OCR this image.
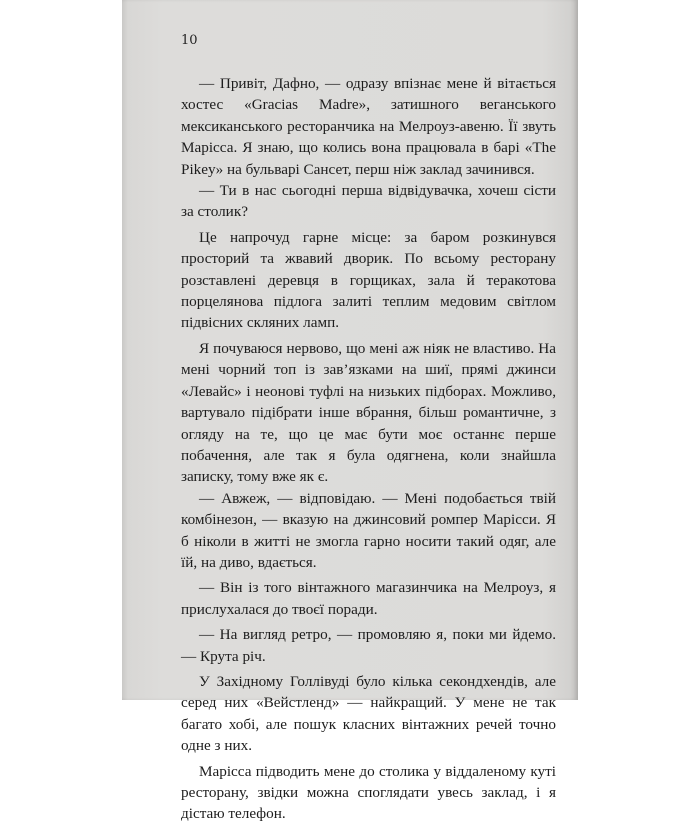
10

— Привіт, Дафно, — одразу впізнає мене й вітається хостес «Gracias Madre», затишного веганського мексиканського ресторанчика на Мелроуз-авеню. Її звуть Марісса. Я знаю, що колись вона працювала в барі «The Pikey» на бульварі Сансет, перш ніж заклад зачинився.

— Ти в нас сьогодні перша відвідувачка, хочеш сісти за столик?

Це напрочуд гарне місце: за баром розкинувся просторий та жвавий дворик. По всьому ресторану розставлені деревця в горщиках, зала й теракотова порцелянова підлога залиті теплим медовим світлом підвісних скляних ламп.

Я почуваюся нервово, що мені аж ніяк не властиво. На мені чорний топ із зав’язками на шиї, прямі джинси «Левайс» і неонові туфлі на низьких підборах. Можливо, вартувало підібрати інше вбрання, більш романтичне, з огляду на те, що це має бути моє останнє перше побачення, але так я була одягнена, коли знайшла записку, тому вже як є.

— Авжеж, — відповідаю. — Мені подобається твій комбінезон, — вказую на джинсовий ромпер Марісси. Я б ніколи в житті не змогла гарно носити такий одяг, але їй, на диво, вдається.

— Він із того вінтажного магазинчика на Мелроуз, я прислухалася до твоєї поради.

— На вигляд ретро, — промовляю я, поки ми йдемо. — Крута річ.

У Західному Голлівуді було кілька секондхендів, але серед них «Вейстленд» — найкращий. У мене не так багато хобі, але пошук класних вінтажних речей точно одне з них.

Марісса підводить мене до столика у віддаленому куті ресторану, звідки можна споглядати увесь заклад, і я дістаю телефон.
